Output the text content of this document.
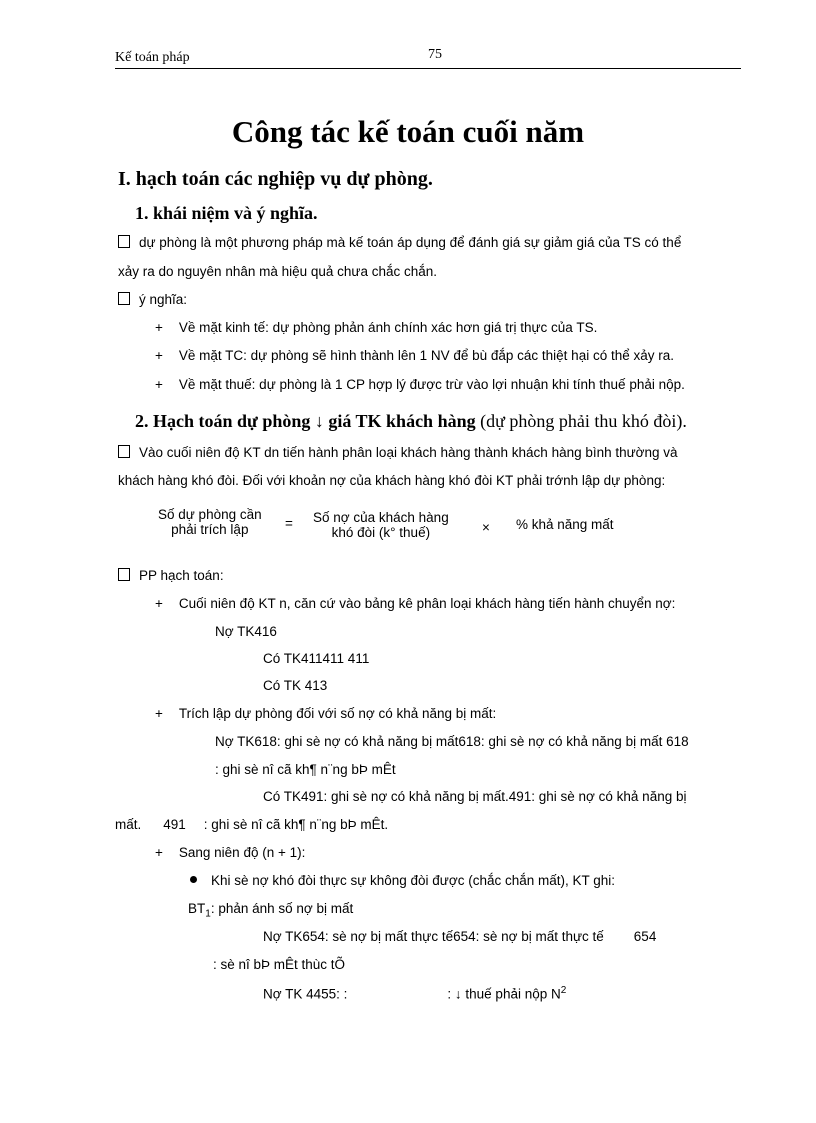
Kế toán pháp	75
Công tác kế toán cuối năm
I. hạch toán các nghiệp vụ dự phòng.
1. khái niệm và ý nghĩa.
dự phòng là một phương pháp mà kế toán áp dụng để đánh giá sự giảm giá của TS có thể
xảy ra do nguyên nhân mà hiệu quả chưa chắc chắn.
ý nghĩa:
+ Về mặt kinh tế: dự phòng phản ánh chính xác hơn giá trị thực của TS.
+ Về mặt TC: dự phòng sẽ hình thành lên 1 NV để bù đắp các thiệt hại có thể xảy ra.
+ Về mặt thuế: dự phòng là 1 CP hợp lý được trừ vào lợi nhuận khi tính thuế phải nộp.
2. Hạch toán dự phòng ↓ giá TK khách hàng (dự phòng phải thu khó đòi).
Vào cuối niên độ KT dn tiến hành phân loại khách hàng thành khách hàng bình thường và
khách hàng khó đòi. Đối với khoản nợ của khách hàng khó đòi KT phải trớnh lập dự phòng:
Số dự phòng cần
phải trích lập	= Số nợ của khách hàng
khó đòi (k° thuế)	× % khả năng mất
PP hạch toán:
+ Cuối niên độ KT n, căn cứ vào bảng kê phân loại khách hàng tiến hành chuyển nợ:
Nợ TK416
Có TK411411 411
Có TK 413
+ Trích lập dự phòng đối với số nợ có khả năng bị mất:
Nợ TK618: ghi sè nợ có khả năng bị mất618: ghi sè nợ có khả năng bị mất 618
: ghi sè nî cã kh¶ n¨ng bÞ mÊt
Có TK491: ghi sè nợ có khả năng bị mất.491: ghi sè nợ có khả năng bị
mất. 491 : ghi sè nî cã kh¶ n¨ng bÞ mÊt.
+ Sang niên độ (n + 1):
Khi sè nợ khó đòi thực sự không đòi được (chắc chắn mất), KT ghi:
$BT_1$: phản ánh số nợ bị mất
Nợ TK654: sè nợ bị mất thực tế654: sè nợ bị mất thực tế 654
: sè nî bÞ mÊt thùc tÕ
Nợ TK 4455: :	: ↓ thuế phải nộp $N^2$
